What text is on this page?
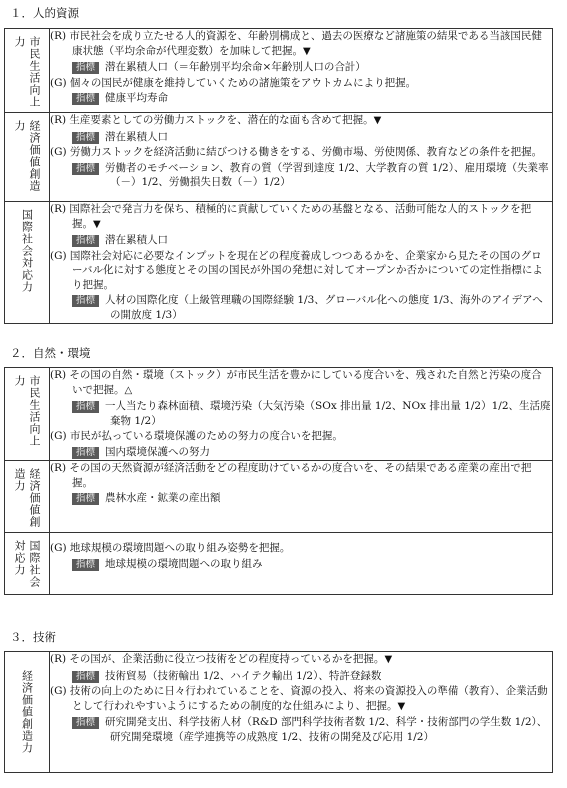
１．人的資源
市民生活向上力	(R) 市民社会を成り立たせる人的資源を、年齢別構成と、過去の医療など諸施策の結果である当該国民健康状態（平均余命が代理変数）を加味して把握。▼

指標 潜在累積人口（＝年齢別平均余命×年齢別人口の合計）

(G) 個々の国民が健康を維持していくための諸施策をアウトカムにより把握。

指標 健康平均寿命

経済価値創造力	(R) 生産要素としての労働力ストックを、潜在的な面も含めて把握。▼

指標 潜在累積人口

(G) 労働力ストックを経済活動に結びつける働きをする、労働市場、労使関係、教育などの条件を把握。

指標 労働者のモチベーション、教育の質（学習到達度 1/2、大学教育の質 1/2）、雇用環境（失業率（－）1/2、労働損失日数（－）1/2）

国際社会対応力	(R) 国際社会で発言力を保ち、積極的に貢献していくための基盤となる、活動可能な人的ストックを把握。▼

指標 潜在累積人口

(G) 国際社会対応に必要なインプットを現在どの程度養成しつつあるかを、企業家から見たその国のグローバル化に対する態度とその国の国民が外国の発想に対してオープンか否かについての定性指標により把握。

指標 人材の国際化度（上級管理職の国際経験 1/3、グローバル化への態度 1/3、海外のアイデアへの開放度 1/3）
２．自然・環境
市民生活向上力	(R) その国の自然・環境（ストック）が市民生活を豊かにしている度合いを、残された自然と汚染の度合いで把握。△

指標 一人当たり森林面積、環境汚染（大気汚染（SOx 排出量 1/2、NOx 排出量 1/2）1/2、生活廃棄物 1/2）

(G) 市民が払っている環境保護のための努力の度合いを把握。

指標 国内環境保護への努力

経済価値創造力	(R) その国の天然資源が経済活動をどの程度助けているかの度合いを、その結果である産業の産出で把握。

指標 農林水産・鉱業の産出額

国際社会対応力	(G) 地球規模の環境問題への取り組み姿勢を把握。

指標 地球規模の環境問題への取り組み
３．技術
経済価値創造力

(R) その国が、企業活動に役立つ技術をどの程度持っているかを把握。▼

指標 技術貿易（技術輸出 1/2、ハイテク輸出 1/2）、特許登録数

(G) 技術の向上のために日々行われていることを、資源の投入、将来の資源投入の準備（教育）、企業活動として行われやすいようにするための制度的な仕組みにより、把握。▼

指標 研究開発支出、科学技術人材（R&D 部門科学技術者数 1/2、科学・技術部門の学生数 1/2）、研究開発環境（産学連携等の成熟度 1/2、技術の開発及び応用 1/2）
